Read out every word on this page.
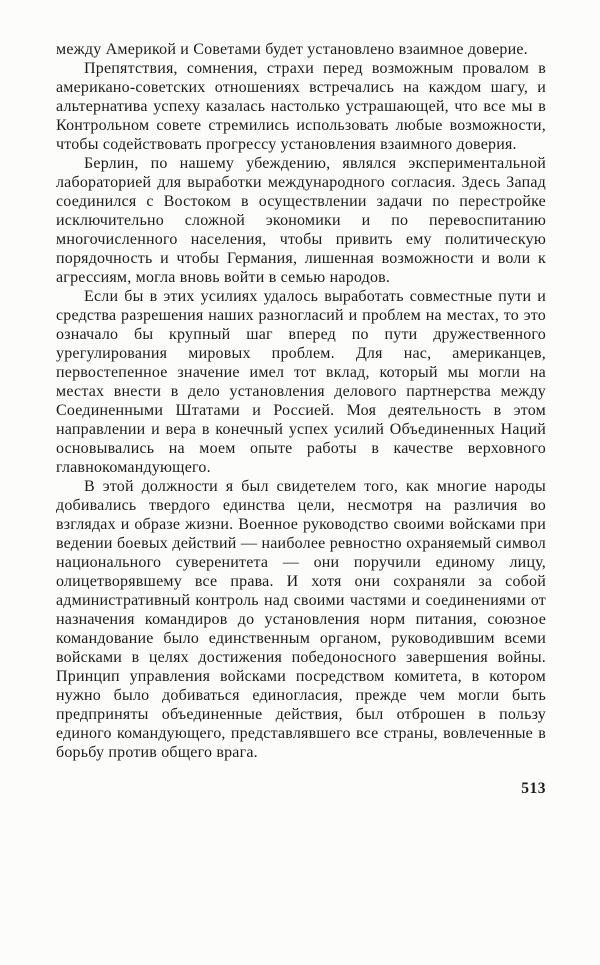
между Америкой и Советами будет установлено взаимное доверие.

Препятствия, сомнения, страхи перед возможным провалом в американо-советских отношениях встречались на каждом шагу, и альтернатива успеху казалась настолько устрашающей, что все мы в Контрольном совете стремились использовать любые возможности, чтобы содействовать прогрессу установления взаимного доверия.

Берлин, по нашему убеждению, являлся экспериментальной лабораторией для выработки международного согласия. Здесь Запад соединился с Востоком в осуществлении задачи по перестройке исключительно сложной экономики и по перевоспитанию многочисленного населения, чтобы привить ему политическую порядочность и чтобы Германия, лишенная возможности и воли к агрессиям, могла вновь войти в семью народов.

Если бы в этих усилиях удалось выработать совместные пути и средства разрешения наших разногласий и проблем на местах, то это означало бы крупный шаг вперед по пути дружественного урегулирования мировых проблем. Для нас, американцев, первостепенное значение имел тот вклад, который мы могли на местах внести в дело установления делового партнерства между Соединенными Штатами и Россией. Моя деятельность в этом направлении и вера в конечный успех усилий Объединенных Наций основывались на моем опыте работы в качестве верховного главнокомандующего.

В этой должности я был свидетелем того, как многие народы добивались твердого единства цели, несмотря на различия во взглядах и образе жизни. Военное руководство своими войсками при ведении боевых действий — наиболее ревностно охраняемый символ национального суверенитета — они поручили единому лицу, олицетворявшему все права. И хотя они сохраняли за собой административный контроль над своими частями и соединениями от назначения командиров до установления норм питания, союзное командование было единственным органом, руководившим всеми войсками в целях достижения победоносного завершения войны. Принцип управления войсками посредством комитета, в котором нужно было добиваться единогласия, прежде чем могли быть предприняты объединенные действия, был отброшен в пользу единого командующего, представлявшего все страны, вовлеченные в борьбу против общего врага.

513
